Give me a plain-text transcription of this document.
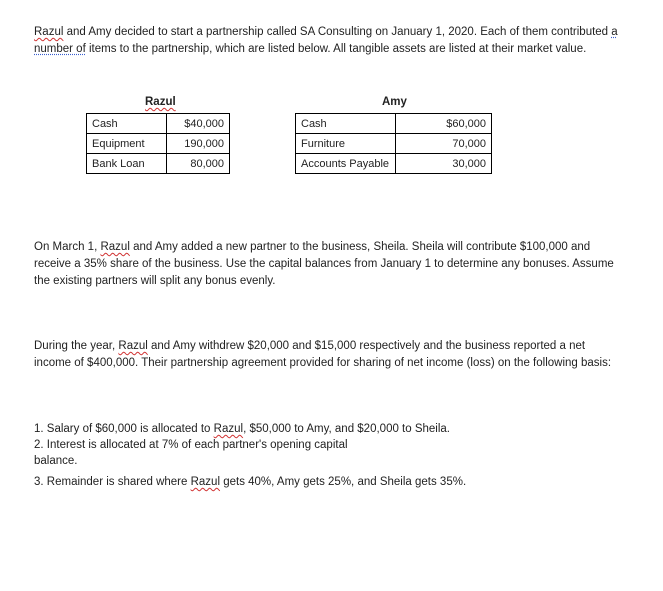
Razul and Amy decided to start a partnership called SA Consulting on January 1, 2020. Each of them contributed a number of items to the partnership, which are listed below. All tangible assets are listed at their market value.

Razul
Cash	$40,000
Equipment	190,000
Bank Loan	80,000
Amy
Cash	$60,000
Furniture	70,000
Accounts Payable	30,000

On March 1, Razul and Amy added a new partner to the business, Sheila. Sheila will contribute $100,000 and receive a 35% share of the business. Use the capital balances from January 1 to determine any bonuses. Assume the existing partners will split any bonus evenly.

During the year, Razul and Amy withdrew $20,000 and $15,000 respectively and the business reported a net income of $400,000. Their partnership agreement provided for sharing of net income (loss) on the following basis:

1. Salary of $60,000 is allocated to Razul, $50,000 to Amy, and $20,000 to Sheila.

2. Interest is allocated at 7% of each partner's opening capital

balance.

3. Remainder is shared where Razul gets 40%, Amy gets 25%, and Sheila gets 35%.
